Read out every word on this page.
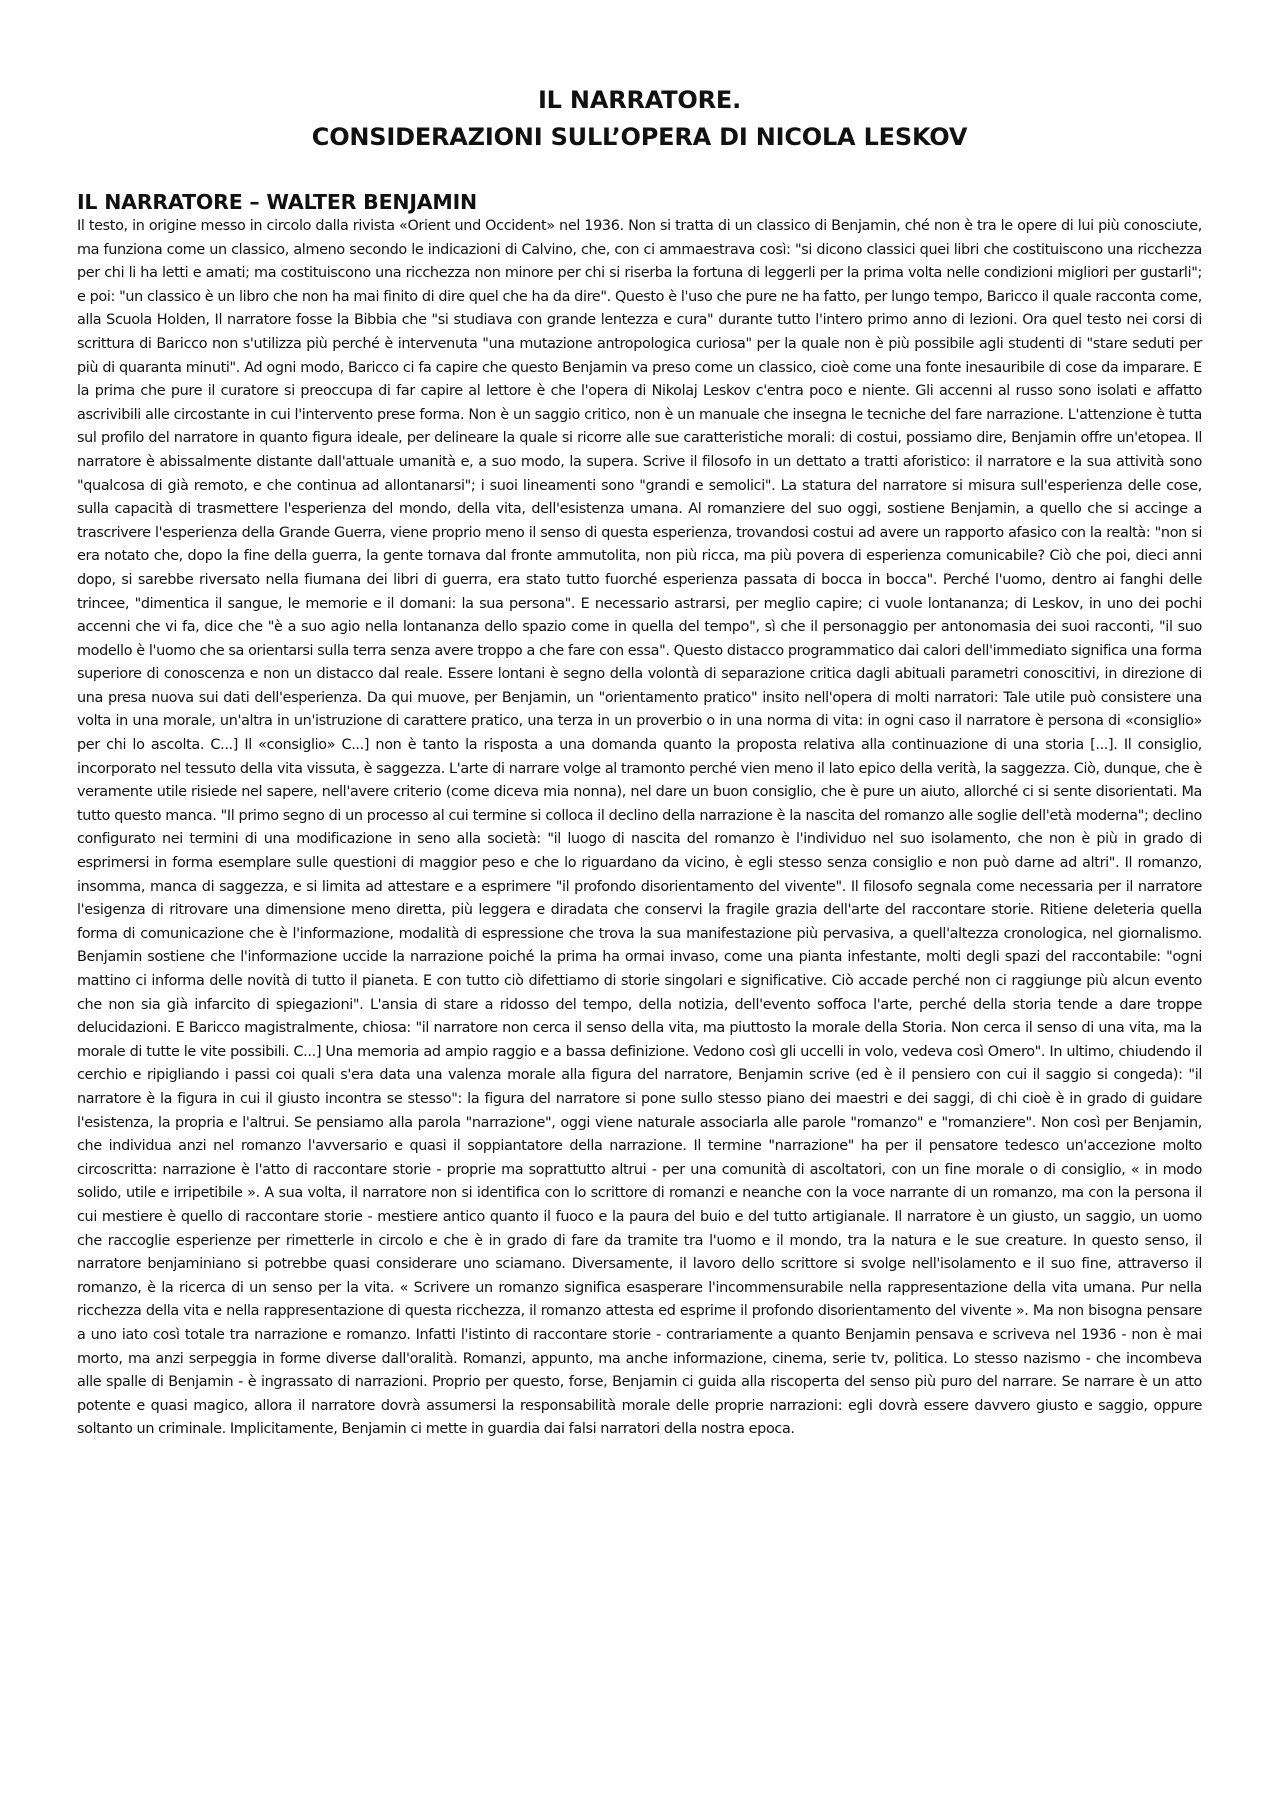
IL NARRATORE.
CONSIDERAZIONI SULL’OPERA DI NICOLA LESKOV
IL NARRATORE – WALTER BENJAMIN

Il testo, in origine messo in circolo dalla rivista «Orient und Occident» nel 1936. Non si tratta di un classico di Benjamin, ché non è tra le opere di lui più conosciute, ma funziona come un classico, almeno secondo le indicazioni di Calvino, che, con ci ammaestrava così: "si dicono classici quei libri che costituiscono una ricchezza per chi li ha letti e amati; ma costituiscono una ricchezza non minore per chi si riserba la fortuna di leggerli per la prima volta nelle condizioni migliori per gustarli"; e poi: "un classico è un libro che non ha mai finito di dire quel che ha da dire". Questo è l'uso che pure ne ha fatto, per lungo tempo, Baricco il quale racconta come, alla Scuola Holden, Il narratore fosse la Bibbia che "si studiava con grande lentezza e cura" durante tutto l'intero primo anno di lezioni. Ora quel testo nei corsi di scrittura di Baricco non s'utilizza più perché è intervenuta "una mutazione antropologica curiosa" per la quale non è più possibile agli studenti di "stare seduti per più di quaranta minuti". Ad ogni modo, Baricco ci fa capire che questo Benjamin va preso come un classico, cioè come una fonte inesauribile di cose da imparare. E la prima che pure il curatore si preoccupa di far capire al lettore è che l'opera di Nikolaj Leskov c'entra poco e niente. Gli accenni al russo sono isolati e affatto ascrivibili alle circostante in cui l'intervento prese forma. Non è un saggio critico, non è un manuale che insegna le tecniche del fare narrazione. L'attenzione è tutta sul profilo del narratore in quanto figura ideale, per delineare la quale si ricorre alle sue caratteristiche morali: di costui, possiamo dire, Benjamin offre un'etopea. Il narratore è abissalmente distante dall'attuale umanità e, a suo modo, la supera. Scrive il filosofo in un dettato a tratti aforistico: il narratore e la sua attività sono "qualcosa di già remoto, e che continua ad allontanarsi"; i suoi lineamenti sono "grandi e semolici". La statura del narratore si misura sull'esperienza delle cose, sulla capacità di trasmettere l'esperienza del mondo, della vita, dell'esistenza umana. Al romanziere del suo oggi, sostiene Benjamin, a quello che si accinge a trascrivere l'esperienza della Grande Guerra, viene proprio meno il senso di questa esperienza, trovandosi costui ad avere un rapporto afasico con la realtà: "non si era notato che, dopo la fine della guerra, la gente tornava dal fronte ammutolita, non più ricca, ma più povera di esperienza comunicabile? Ciò che poi, dieci anni dopo, si sarebbe riversato nella fiumana dei libri di guerra, era stato tutto fuorché esperienza passata di bocca in bocca". Perché l'uomo, dentro ai fanghi delle trincee, "dimentica il sangue, le memorie e il domani: la sua persona". E necessario astrarsi, per meglio capire; ci vuole lontananza; di Leskov, in uno dei pochi accenni che vi fa, dice che "è a suo agio nella lontananza dello spazio come in quella del tempo", sì che il personaggio per antonomasia dei suoi racconti, "il suo modello è l'uomo che sa orientarsi sulla terra senza avere troppo a che fare con essa". Questo distacco programmatico dai calori dell'immediato significa una forma superiore di conoscenza e non un distacco dal reale. Essere lontani è segno della volontà di separazione critica dagli abituali parametri conoscitivi, in direzione di una presa nuova sui dati dell'esperienza. Da qui muove, per Benjamin, un "orientamento pratico" insito nell'opera di molti narratori: Tale utile può consistere una volta in una morale, un'altra in un'istruzione di carattere pratico, una terza in un proverbio o in una norma di vita: in ogni caso il narratore è persona di «consiglio» per chi lo ascolta. C...] Il «consiglio» C...] non è tanto la risposta a una domanda quanto la proposta relativa alla continuazione di una storia [...]. Il consiglio, incorporato nel tessuto della vita vissuta, è saggezza. L'arte di narrare volge al tramonto perché vien meno il lato epico della verità, la saggezza. Ciò, dunque, che è veramente utile risiede nel sapere, nell'avere criterio (come diceva mia nonna), nel dare un buon consiglio, che è pure un aiuto, allorché ci si sente disorientati. Ma tutto questo manca. "Il primo segno di un processo al cui termine si colloca il declino della narrazione è la nascita del romanzo alle soglie dell'età moderna"; declino configurato nei termini di una modificazione in seno alla società: "il luogo di nascita del romanzo è l'individuo nel suo isolamento, che non è più in grado di esprimersi in forma esemplare sulle questioni di maggior peso e che lo riguardano da vicino, è egli stesso senza consiglio e non può darne ad altri". Il romanzo, insomma, manca di saggezza, e si limita ad attestare e a esprimere "il profondo disorientamento del vivente". Il filosofo segnala come necessaria per il narratore l'esigenza di ritrovare una dimensione meno diretta, più leggera e diradata che conservi la fragile grazia dell'arte del raccontare storie. Ritiene deleteria quella forma di comunicazione che è l'informazione, modalità di espressione che trova la sua manifestazione più pervasiva, a quell'altezza cronologica, nel giornalismo. Benjamin sostiene che l'informazione uccide la narrazione poiché la prima ha ormai invaso, come una pianta infestante, molti degli spazi del raccontabile: "ogni mattino ci informa delle novità di tutto il pianeta. E con tutto ciò difettiamo di storie singolari e significative. Ciò accade perché non ci raggiunge più alcun evento che non sia già infarcito di spiegazioni". L'ansia di stare a ridosso del tempo, della notizia, dell'evento soffoca l'arte, perché della storia tende a dare troppe delucidazioni. E Baricco magistralmente, chiosa: "il narratore non cerca il senso della vita, ma piuttosto la morale della Storia. Non cerca il senso di una vita, ma la morale di tutte le vite possibili. C...] Una memoria ad ampio raggio e a bassa definizione. Vedono così gli uccelli in volo, vedeva così Omero". In ultimo, chiudendo il cerchio e ripigliando i passi coi quali s'era data una valenza morale alla figura del narratore, Benjamin scrive (ed è il pensiero con cui il saggio si congeda): "il narratore è la figura in cui il giusto incontra se stesso": la figura del narratore si pone sullo stesso piano dei maestri e dei saggi, di chi cioè è in grado di guidare l'esistenza, la propria e l'altrui. Se pensiamo alla parola "narrazione", oggi viene naturale associarla alle parole "romanzo" e "romanziere". Non così per Benjamin, che individua anzi nel romanzo l'avversario e quasi il soppiantatore della narrazione. Il termine "narrazione" ha per il pensatore tedesco un'accezione molto circoscritta: narrazione è l'atto di raccontare storie - proprie ma soprattutto altrui - per una comunità di ascoltatori, con un fine morale o di consiglio, « in modo solido, utile e irripetibile ». A sua volta, il narratore non si identifica con lo scrittore di romanzi e neanche con la voce narrante di un romanzo, ma con la persona il cui mestiere è quello di raccontare storie - mestiere antico quanto il fuoco e la paura del buio e del tutto artigianale. Il narratore è un giusto, un saggio, un uomo che raccoglie esperienze per rimetterle in circolo e che è in grado di fare da tramite tra l'uomo e il mondo, tra la natura e le sue creature. In questo senso, il narratore benjaminiano si potrebbe quasi considerare uno sciamano. Diversamente, il lavoro dello scrittore si svolge nell'isolamento e il suo fine, attraverso il romanzo, è la ricerca di un senso per la vita. « Scrivere un romanzo significa esasperare l'incommensurabile nella rappresentazione della vita umana. Pur nella ricchezza della vita e nella rappresentazione di questa ricchezza, il romanzo attesta ed esprime il profondo disorientamento del vivente ». Ma non bisogna pensare a uno iato così totale tra narrazione e romanzo. Infatti l'istinto di raccontare storie - contrariamente a quanto Benjamin pensava e scriveva nel 1936 - non è mai morto, ma anzi serpeggia in forme diverse dall'oralità. Romanzi, appunto, ma anche informazione, cinema, serie tv, politica. Lo stesso nazismo - che incombeva alle spalle di Benjamin - è ingrassato di narrazioni. Proprio per questo, forse, Benjamin ci guida alla riscoperta del senso più puro del narrare. Se narrare è un atto potente e quasi magico, allora il narratore dovrà assumersi la responsabilità morale delle proprie narrazioni: egli dovrà essere davvero giusto e saggio, oppure soltanto un criminale. Implicitamente, Benjamin ci mette in guardia dai falsi narratori della nostra epoca.
